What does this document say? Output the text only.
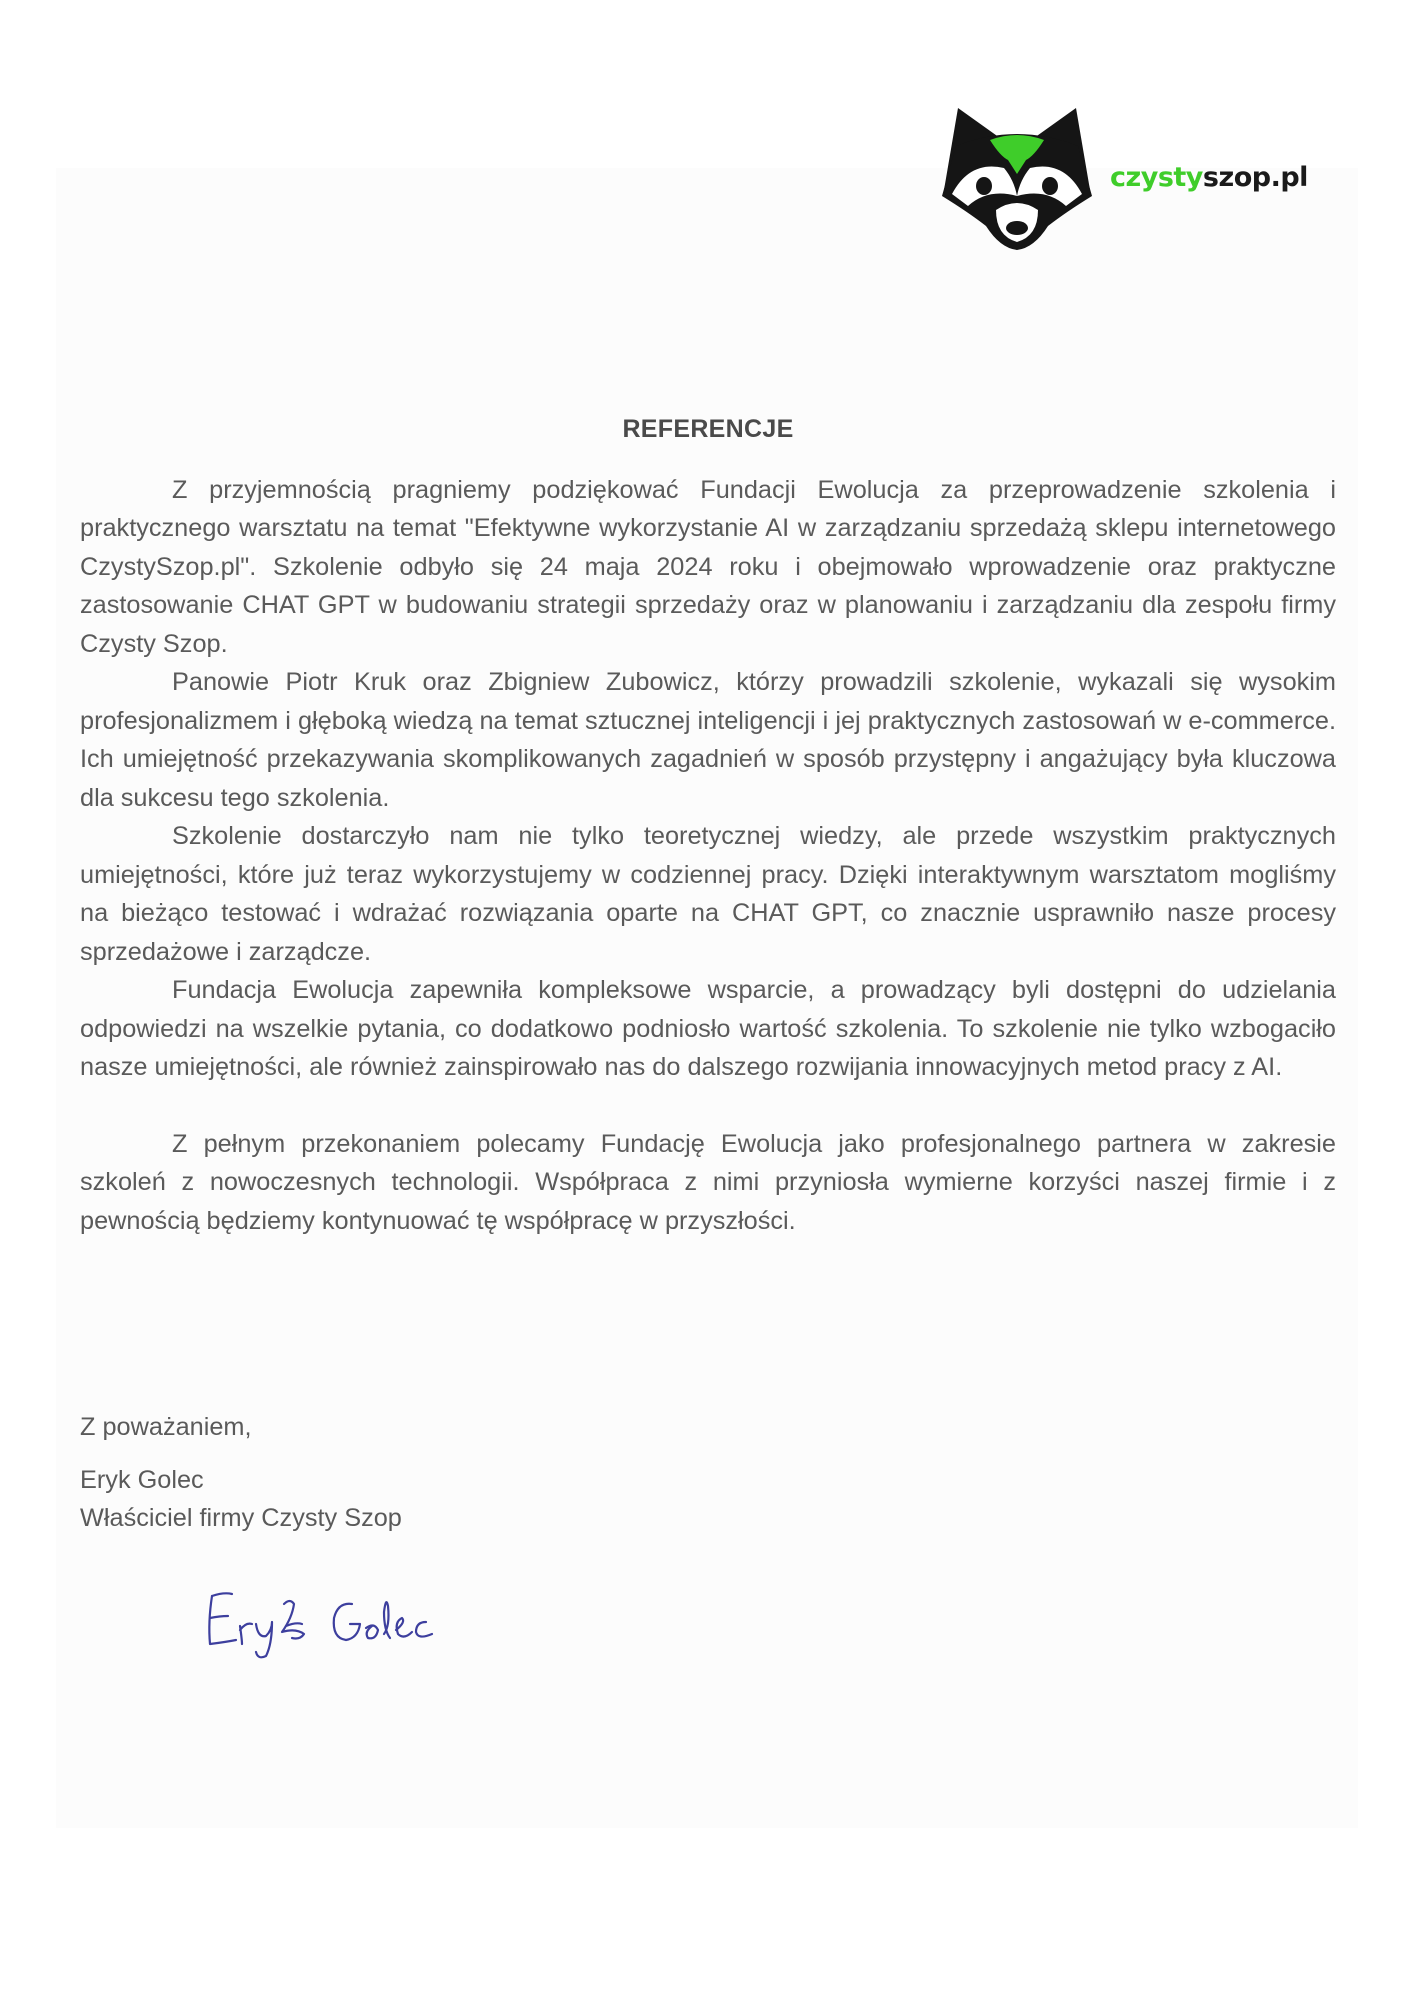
czystyszop.pl
REFERENCJE

Z przyjemnością pragniemy podziękować Fundacji Ewolucja za przeprowadzenie szkolenia i praktycznego warsztatu na temat "Efektywne wykorzystanie AI w zarządzaniu sprzedażą sklepu internetowego CzystySzop.pl". Szkolenie odbyło się 24 maja 2024 roku i obejmowało wprowadzenie oraz praktyczne zastosowanie CHAT GPT w budowaniu strategii sprzedaży oraz w planowaniu i zarządzaniu dla zespołu firmy Czysty Szop.

Panowie Piotr Kruk oraz Zbigniew Zubowicz, którzy prowadzili szkolenie, wykazali się wysokim profesjonalizmem i głęboką wiedzą na temat sztucznej inteligencji i jej praktycznych zastosowań w e-commerce. Ich umiejętność przekazywania skomplikowanych zagadnień w sposób przystępny i angażujący była kluczowa dla sukcesu tego szkolenia.

Szkolenie dostarczyło nam nie tylko teoretycznej wiedzy, ale przede wszystkim praktycznych umiejętności, które już teraz wykorzystujemy w codziennej pracy. Dzięki interaktywnym warsztatom mogliśmy na bieżąco testować i wdrażać rozwiązania oparte na CHAT GPT, co znacznie usprawniło nasze procesy sprzedażowe i zarządcze.

Fundacja Ewolucja zapewniła kompleksowe wsparcie, a prowadzący byli dostępni do udzielania odpowiedzi na wszelkie pytania, co dodatkowo podniosło wartość szkolenia. To szkolenie nie tylko wzbogaciło nasze umiejętności, ale również zainspirowało nas do dalszego rozwijania innowacyjnych metod pracy z AI.

Z pełnym przekonaniem polecamy Fundację Ewolucja jako profesjonalnego partnera w zakresie szkoleń z nowoczesnych technologii. Współpraca z nimi przyniosła wymierne korzyści naszej firmie i z pewnością będziemy kontynuować tę współpracę w przyszłości.

Z poważaniem,
Eryk Golec
Właściciel firmy Czysty Szop
